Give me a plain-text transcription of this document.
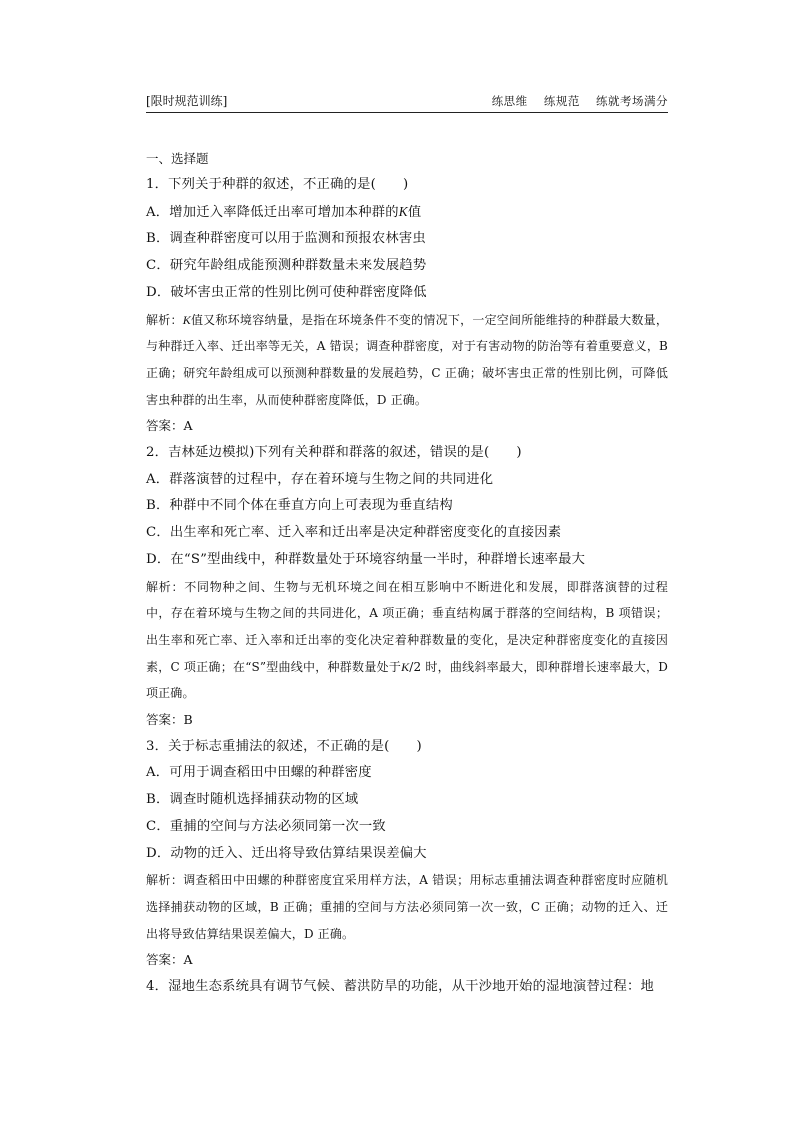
[限时规范训练]	练思维 练规范 练就考场满分
一、选择题
1．下列关于种群的叙述，不正确的是(　　)
A．增加迁入率降低迁出率可增加本种群的K值
B．调查种群密度可以用于监测和预报农林害虫
C．研究年龄组成能预测种群数量未来发展趋势
D．破坏害虫正常的性别比例可使种群密度降低
解析：K值又称环境容纳量，是指在环境条件不变的情况下，一定空间所能维持的种群最大数量，与种群迁入率、迁出率等无关，A 错误；调查种群密度，对于有害动物的防治等有着重要意义，B 正确；研究年龄组成可以预测种群数量的发展趋势，C 正确；破坏害虫正常的性别比例，可降低害虫种群的出生率，从而使种群密度降低，D 正确。
答案：A
2．吉林延边模拟)下列有关种群和群落的叙述，错误的是(　　)
A．群落演替的过程中，存在着环境与生物之间的共同进化
B．种群中不同个体在垂直方向上可表现为垂直结构
C．出生率和死亡率、迁入率和迁出率是决定种群密度变化的直接因素
D．在“S”型曲线中，种群数量处于环境容纳量一半时，种群增长速率最大
解析：不同物种之间、生物与无机环境之间在相互影响中不断进化和发展，即群落演替的过程中，存在着环境与生物之间的共同进化，A 项正确；垂直结构属于群落的空间结构，B 项错误；出生率和死亡率、迁入率和迁出率的变化决定着种群数量的变化，是决定种群密度变化的直接因素，C 项正确；在“S”型曲线中，种群数量处于K/2 时，曲线斜率最大，即种群增长速率最大，D 项正确。
答案：B
3．关于标志重捕法的叙述，不正确的是(　　)
A．可用于调查稻田中田螺的种群密度
B．调查时随机选择捕获动物的区域
C．重捕的空间与方法必须同第一次一致
D．动物的迁入、迁出将导致估算结果误差偏大
解析：调查稻田中田螺的种群密度宜采用样方法，A 错误；用标志重捕法调查种群密度时应随机选择捕获动物的区域，B 正确；重捕的空间与方法必须同第一次一致，C 正确；动物的迁入、迁出将导致估算结果误差偏大，D 正确。
答案：A
4．湿地生态系统具有调节气候、蓄洪防旱的功能，从干沙地开始的湿地演替过程：地
